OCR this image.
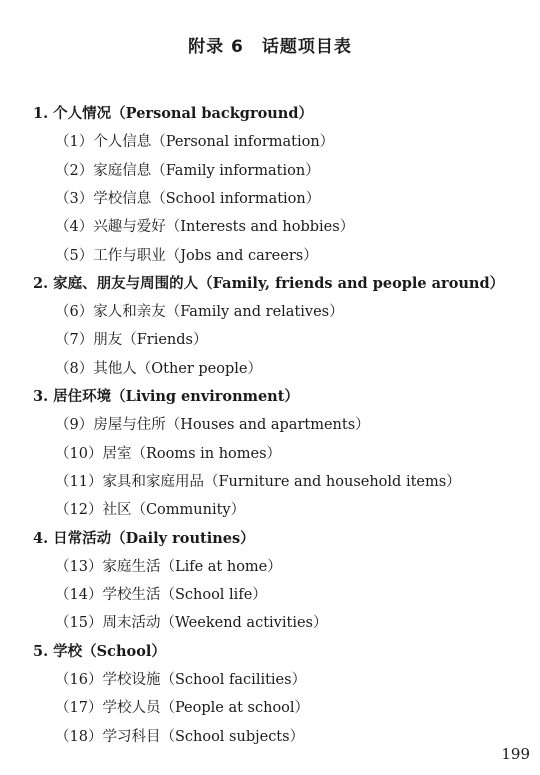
附录 6　话题项目表
1. 个人情况（Personal background）
（1）个人信息（Personal information）
（2）家庭信息（Family information）
（3）学校信息（School information）
（4）兴趣与爱好（Interests and hobbies）
（5）工作与职业（Jobs and careers）
2. 家庭、朋友与周围的人（Family, friends and people around）
（6）家人和亲友（Family and relatives）
（7）朋友（Friends）
（8）其他人（Other people）
3. 居住环境（Living environment）
（9）房屋与住所（Houses and apartments）
（10）居室（Rooms in homes）
（11）家具和家庭用品（Furniture and household items）
（12）社区（Community）
4. 日常活动（Daily routines）
（13）家庭生活（Life at home）
（14）学校生活（School life）
（15）周末活动（Weekend activities）
5. 学校（School）
（16）学校设施（School facilities）
（17）学校人员（People at school）
（18）学习科目（School subjects）
199
